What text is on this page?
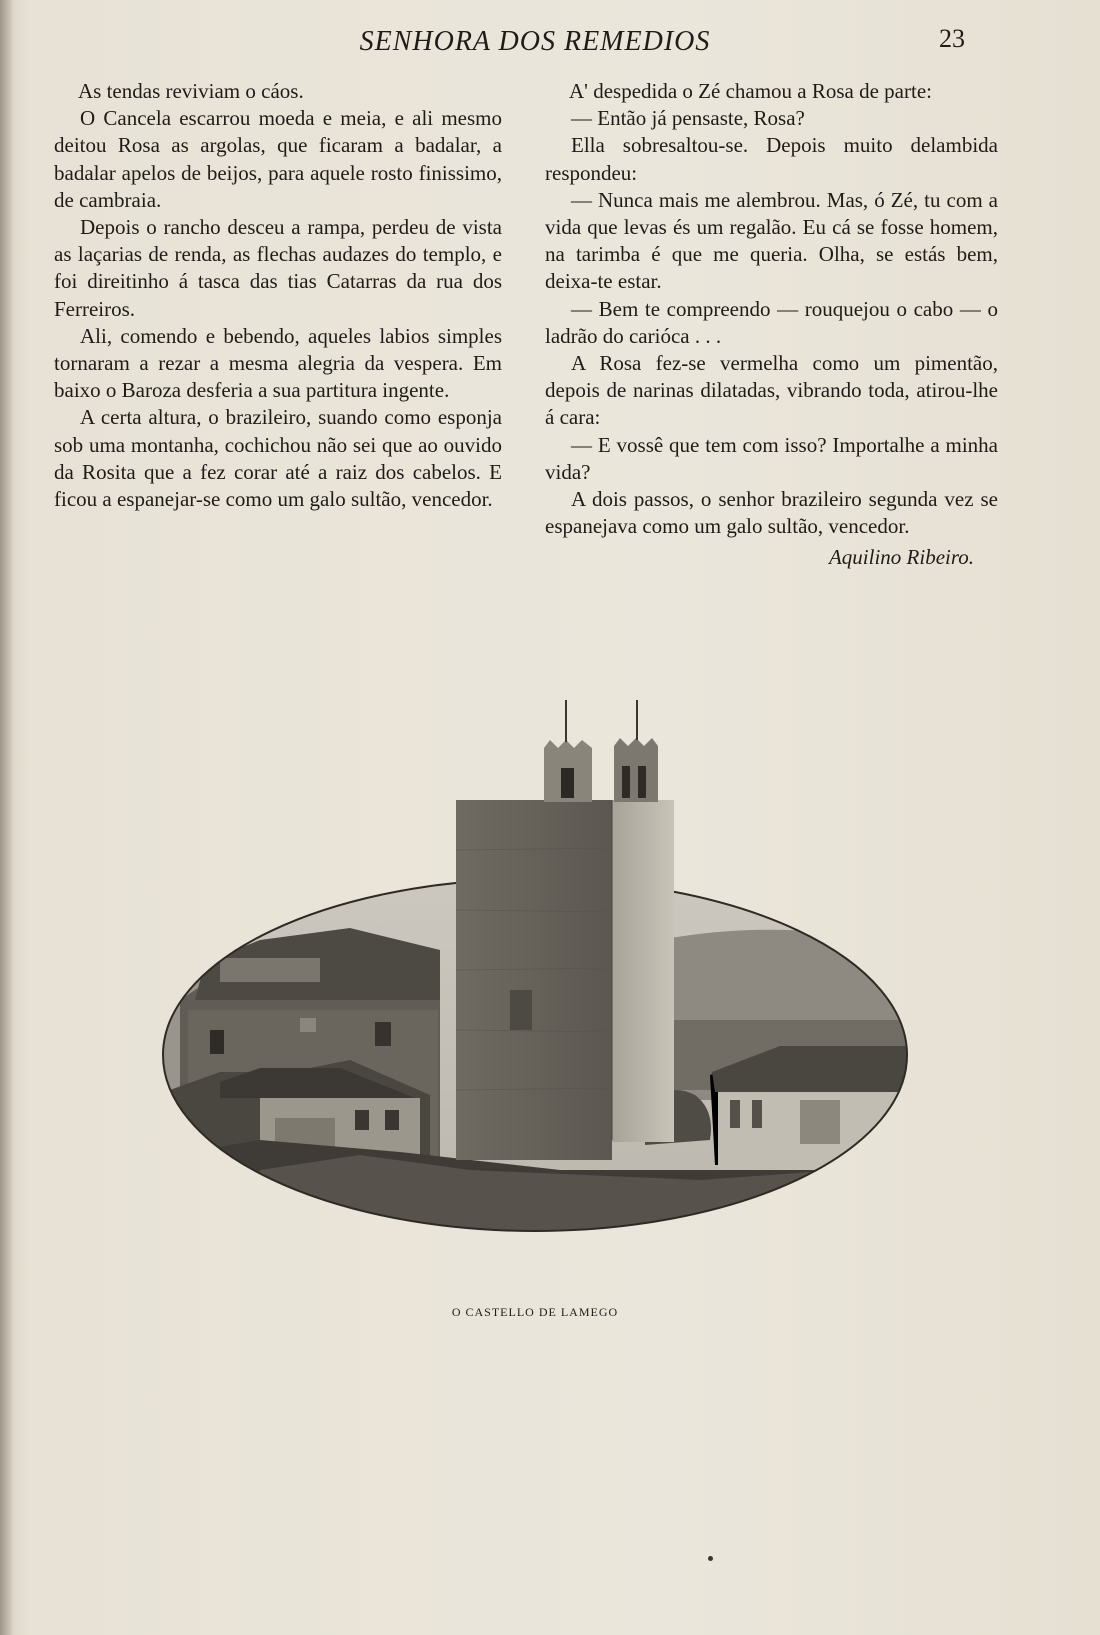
SENHORA DOS REMEDIOS	23

As tendas reviviam o cáos.

O Cancela escarrou moeda e meia, e ali mesmo deitou Rosa as argolas, que ficaram a badalar, a badalar apelos de beijos, para aquele rosto finissimo, de cambraia.

Depois o rancho desceu a rampa, perdeu de vista as laçarias de renda, as flechas audazes do templo, e foi direitinho á tasca das tias Catarras da rua dos Ferreiros.

Ali, comendo e bebendo, aqueles labios simples tornaram a rezar a mesma alegria da vespera. Em baixo o Baroza desferia a sua partitura ingente.

A certa altura, o brazileiro, suando como esponja sob uma montanha, cochichou não sei que ao ouvido da Rosita que a fez corar até a raiz dos cabelos. E ficou a espanejar-se como um galo sultão, vencedor.

A' despedida o Zé chamou a Rosa de parte:

— Então já pensaste, Rosa?

Ella sobresaltou-se. Depois muito delambida respondeu:

— Nunca mais me alembrou. Mas, ó Zé, tu com a vida que levas és um regalão. Eu cá se fosse homem, na tarimba é que me queria. Olha, se estás bem, deixa-te estar.

— Bem te compreendo — rouquejou o cabo — o ladrão do carióca . . .

A Rosa fez-se vermelha como um pimentão, depois de narinas dilatadas, vibrando toda, atirou-lhe á cara:

— E vossê que tem com isso? Importalhe a minha vida?

A dois passos, o senhor brazileiro segunda vez se espanejava como um galo sultão, vencedor.

Aquilino Ribeiro.
O CASTELLO DE LAMEGO
